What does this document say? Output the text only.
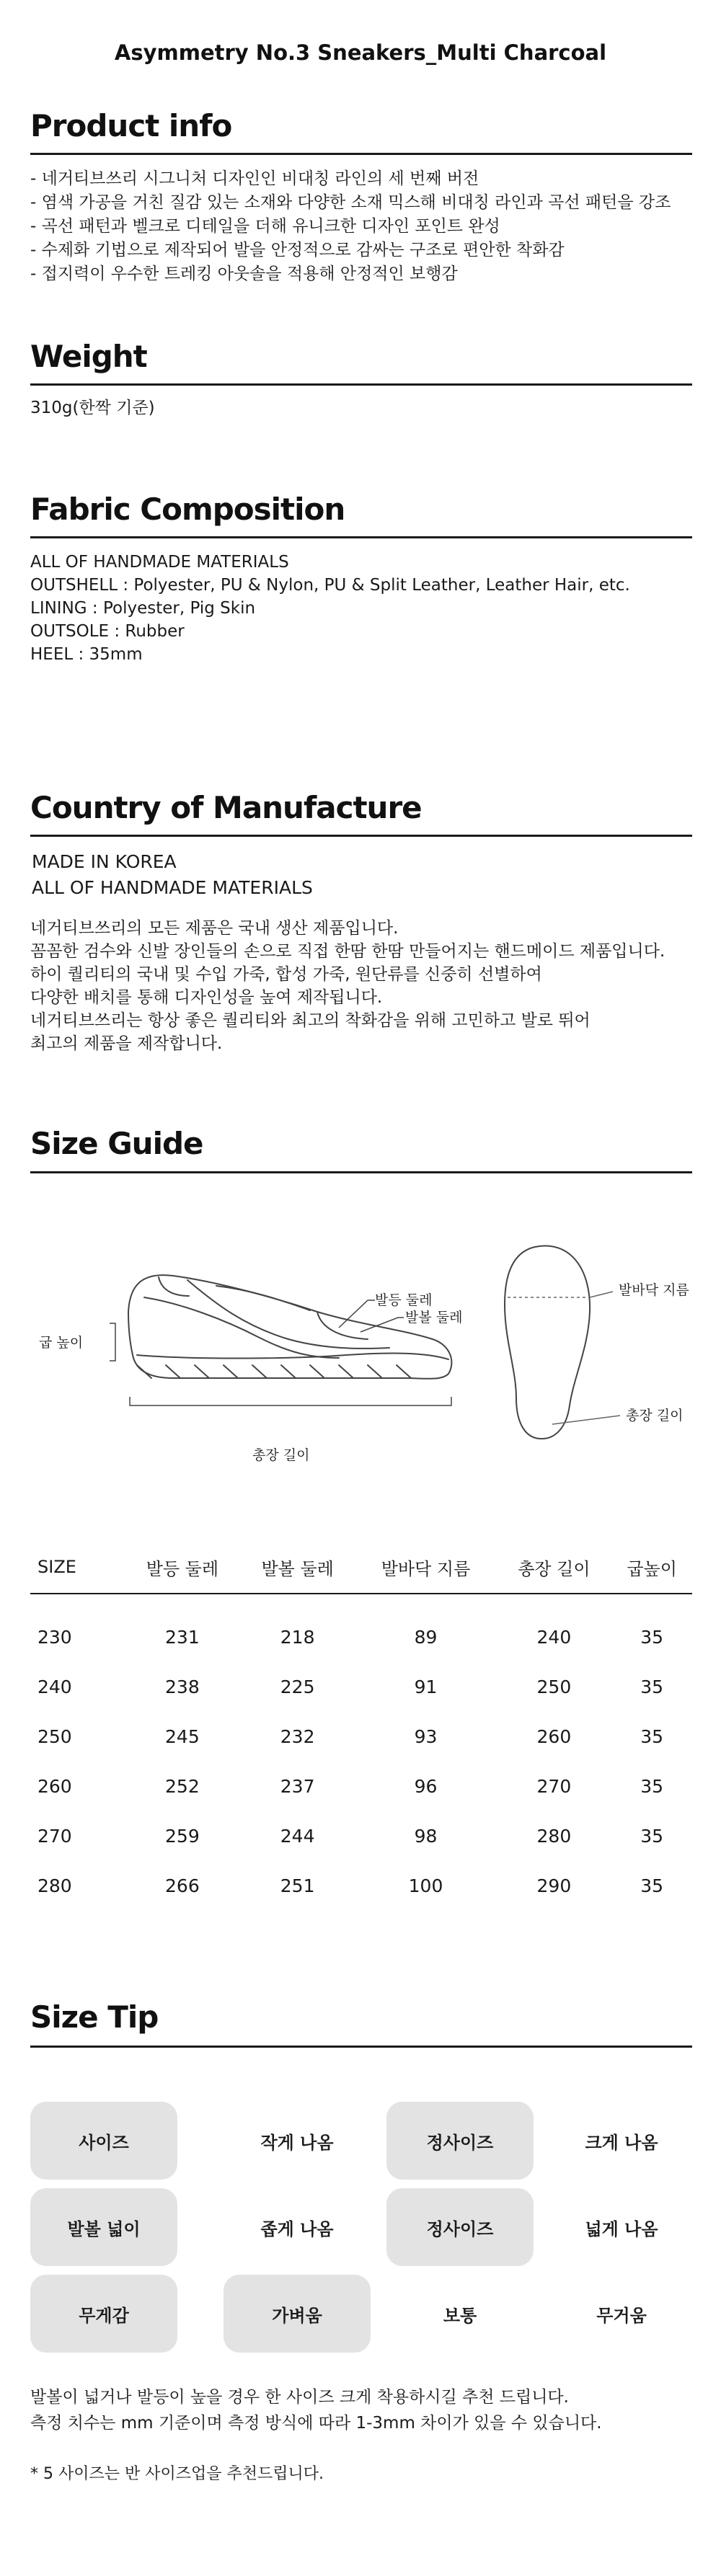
Asymmetry No.3 Sneakers_Multi Charcoal
Product info
- 네거티브쓰리 시그니처 디자인인 비대칭 라인의 세 번째 버전
- 염색 가공을 거친 질감 있는 소재와 다양한 소재 믹스해 비대칭 라인과 곡선 패턴을 강조
- 곡선 패턴과 벨크로 디테일을 더해 유니크한 디자인 포인트 완성
- 수제화 기법으로 제작되어 발을 안정적으로 감싸는 구조로 편안한 착화감
- 접지력이 우수한 트레킹 아웃솔을 적용해 안정적인 보행감
Weight
310g(한짝 기준)
Fabric Composition
ALL OF HANDMADE MATERIALS
OUTSHELL : Polyester, PU & Nylon, PU & Split Leather, Leather Hair, etc.
LINING : Polyester, Pig Skin
OUTSOLE : Rubber
HEEL : 35mm
Country of Manufacture
MADE IN KOREA
ALL OF HANDMADE MATERIALS
네거티브쓰리의 모든 제품은 국내 생산 제품입니다.
꼼꼼한 검수와 신발 장인들의 손으로 직접 한땀 한땀 만들어지는 핸드메이드 제품입니다.
하이 퀄리티의 국내 및 수입 가죽, 합성 가죽, 원단류를 신중히 선별하여
다양한 배치를 통해 디자인성을 높여 제작됩니다.
네거티브쓰리는 항상 좋은 퀄리티와 최고의 착화감을 위해 고민하고 발로 뛰어
최고의 제품을 제작합니다.
Size Guide
발등 둘레
발볼 둘레
굽 높이
총장 길이
발바닥 지름
총장 길이
SIZE	발등 둘레	발볼 둘레	발바닥 지름	총장 길이	굽높이
230	231	218	89	240	35
240	238	225	91	250	35
250	245	232	93	260	35
260	252	237	96	270	35
270	259	244	98	280	35
280	266	251	100	290	35
Size Tip
사이즈	작게 나옴	정사이즈	크게 나옴
발볼 넓이	좁게 나옴	정사이즈	넓게 나옴
무게감	가벼움	보통	무거움
발볼이 넓거나 발등이 높을 경우 한 사이즈 크게 착용하시길 추천 드립니다.
측정 치수는 mm 기준이며 측정 방식에 따라 1-3mm 차이가 있을 수 있습니다.
* 5 사이즈는 반 사이즈업을 추천드립니다.
